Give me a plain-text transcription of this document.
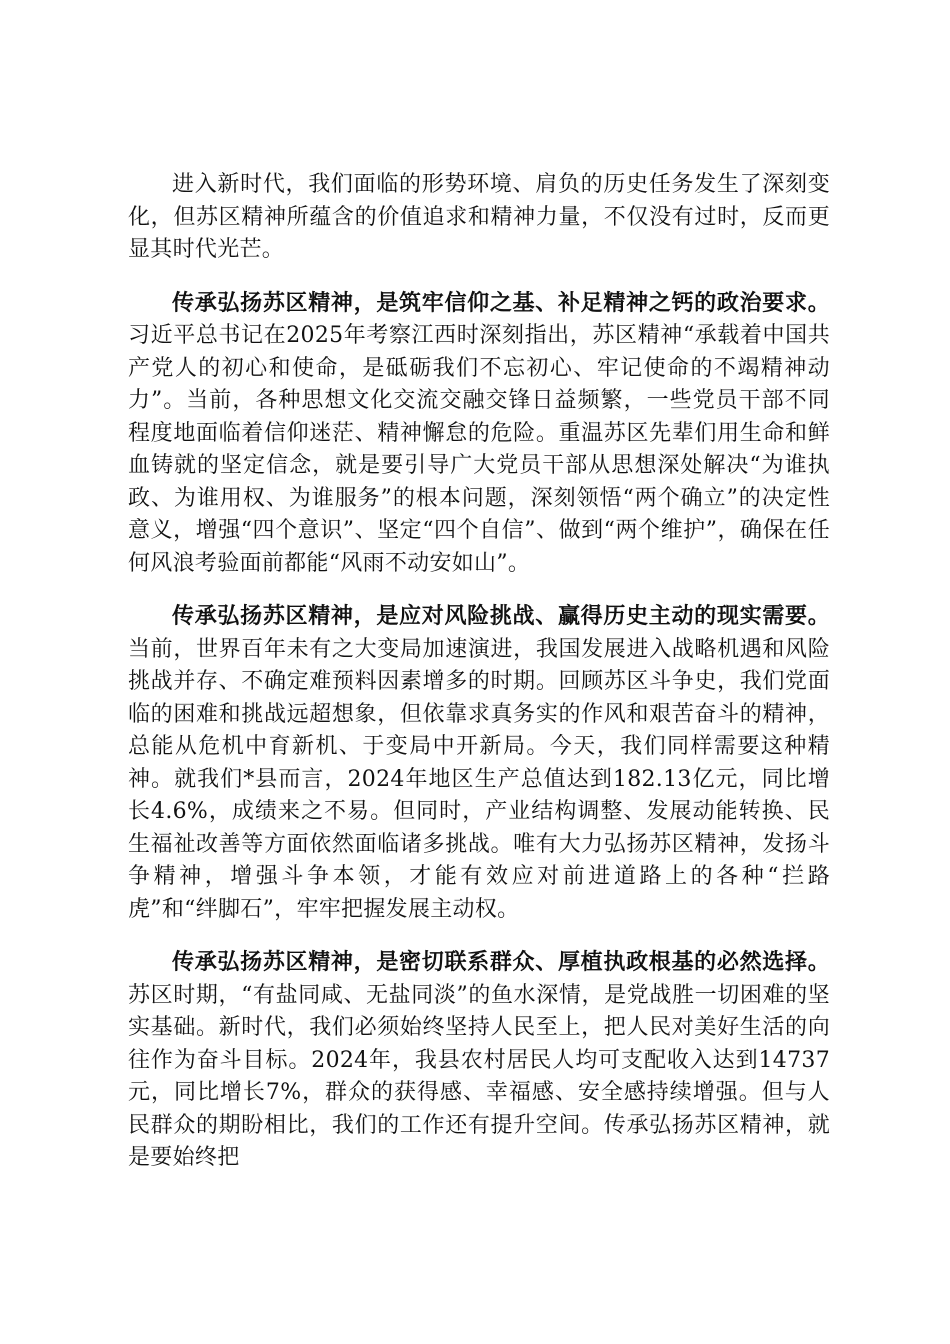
进入新时代，我们面临的形势环境、肩负的历史任务发生了深刻变化，但苏区精神所蕴含的价值追求和精神力量，不仅没有过时，反而更显其时代光芒。

传承弘扬苏区精神，是筑牢信仰之基、补足精神之钙的政治要求。习近平总书记在2025年考察江西时深刻指出，苏区精神“承载着中国共产党人的初心和使命，是砥砺我们不忘初心、牢记使命的不竭精神动力”。当前，各种思想文化交流交融交锋日益频繁，一些党员干部不同程度地面临着信仰迷茫、精神懈怠的危险。重温苏区先辈们用生命和鲜血铸就的坚定信念，就是要引导广大党员干部从思想深处解决“为谁执政、为谁用权、为谁服务”的根本问题，深刻领悟“两个确立”的决定性意义，增强“四个意识”、坚定“四个自信”、做到“两个维护”，确保在任何风浪考验面前都能“风雨不动安如山”。

传承弘扬苏区精神，是应对风险挑战、赢得历史主动的现实需要。当前，世界百年未有之大变局加速演进，我国发展进入战略机遇和风险挑战并存、不确定难预料因素增多的时期。回顾苏区斗争史，我们党面临的困难和挑战远超想象，但依靠求真务实的作风和艰苦奋斗的精神，总能从危机中育新机、于变局中开新局。今天，我们同样需要这种精神。就我们*县而言，2024年地区生产总值达到182.13亿元，同比增长4.6%，成绩来之不易。但同时，产业结构调整、发展动能转换、民生福祉改善等方面依然面临诸多挑战。唯有大力弘扬苏区精神，发扬斗争精神，增强斗争本领，才能有效应对前进道路上的各种“拦路虎”和“绊脚石”，牢牢把握发展主动权。

传承弘扬苏区精神，是密切联系群众、厚植执政根基的必然选择。苏区时期，“有盐同咸、无盐同淡”的鱼水深情，是党战胜一切困难的坚实基础。新时代，我们必须始终坚持人民至上，把人民对美好生活的向往作为奋斗目标。2024年，我县农村居民人均可支配收入达到14737元，同比增长7%，群众的获得感、幸福感、安全感持续增强。但与人民群众的期盼相比，我们的工作还有提升空间。传承弘扬苏区精神，就是要始终把
